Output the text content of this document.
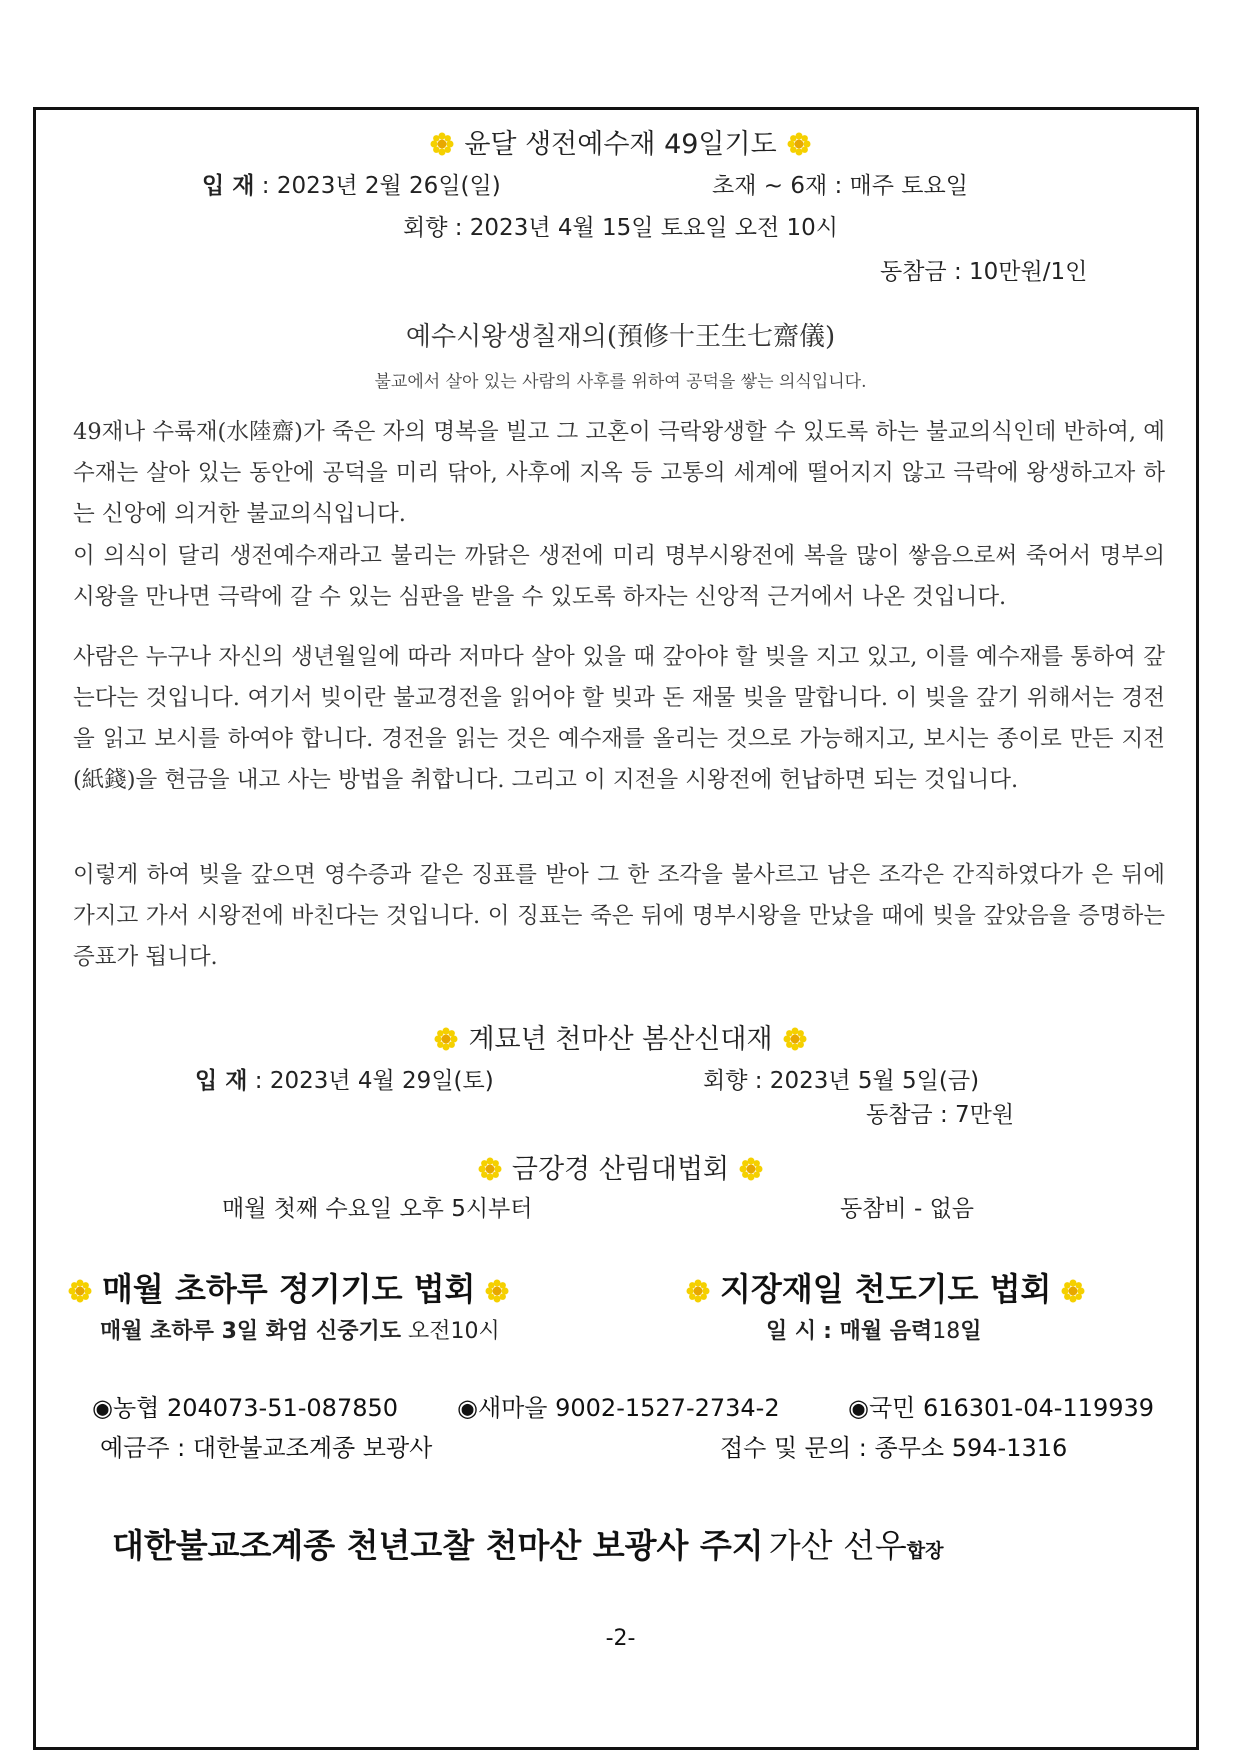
윤달 생전예수재 49일기도
입 재 : 2023년 2월 26일(일)	초재 ~ 6재 : 매주 토요일
회향 : 2023년 4월 15일 토요일 오전 10시
동참금 : 10만원/1인
예수시왕생칠재의(預修十王生七齋儀)
불교에서 살아 있는 사람의 사후를 위하여 공덕을 쌓는 의식입니다.
49재나 수륙재(水陸齋)가 죽은 자의 명복을 빌고 그 고혼이 극락왕생할 수 있도록 하는 불교의식인데 반하여, 예수재는 살아 있는 동안에 공덕을 미리 닦아, 사후에 지옥 등 고통의 세계에 떨어지지 않고 극락에 왕생하고자 하는 신앙에 의거한 불교의식입니다.
이 의식이 달리 생전예수재라고 불리는 까닭은 생전에 미리 명부시왕전에 복을 많이 쌓음으로써 죽어서 명부의 시왕을 만나면 극락에 갈 수 있는 심판을 받을 수 있도록 하자는 신앙적 근거에서 나온 것입니다.
사람은 누구나 자신의 생년월일에 따라 저마다 살아 있을 때 갚아야 할 빚을 지고 있고, 이를 예수재를 통하여 갚는다는 것입니다. 여기서 빚이란 불교경전을 읽어야 할 빚과 돈 재물 빚을 말합니다. 이 빚을 갚기 위해서는 경전을 읽고 보시를 하여야 합니다. 경전을 읽는 것은 예수재를 올리는 것으로 가능해지고, 보시는 종이로 만든 지전(紙錢)을 현금을 내고 사는 방법을 취합니다. 그리고 이 지전을 시왕전에 헌납하면 되는 것입니다.
이렇게 하여 빚을 갚으면 영수증과 같은 징표를 받아 그 한 조각을 불사르고 남은 조각은 간직하였다가 은 뒤에 가지고 가서 시왕전에 바친다는 것입니다. 이 징표는 죽은 뒤에 명부시왕을 만났을 때에 빚을 갚았음을 증명하는 증표가 됩니다.
계묘년 천마산 봄산신대재
입 재 : 2023년 4월 29일(토)	회향 : 2023년 5월 5일(금)
동참금 : 7만원
금강경 산림대법회
매월 첫째 수요일 오후 5시부터	동참비 - 없음
매월 초하루 정기기도 법회	지장재일 천도기도 법회
매월 초하루 3일 화엄 신중기도 오전10시	일 시 : 매월 음력18일
◉농협 204073-51-087850 ◉새마을 9002-1527-2734-2	◉국민 616301-04-119939
예금주 : 대한불교조계종 보광사	접수 및 문의 : 종무소 594-1316
대한불교조계종 천년고찰 천마산 보광사 주지 가산 선우합장
-2-
